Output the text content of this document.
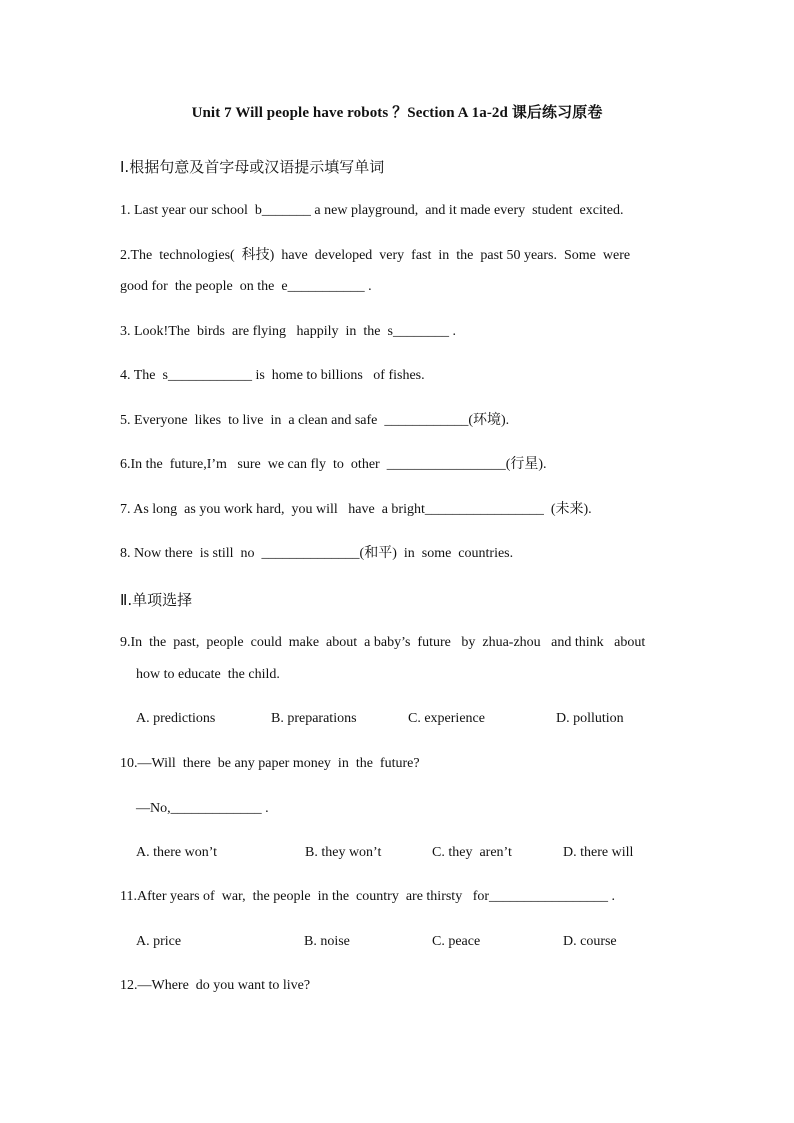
Unit 7 Will people have robots ？Section A 1a-2d 课后练习原卷
Ⅰ.根据句意及首字母或汉语提示填写单词
1. Last year our school  b_______ a new playground,  and it made every  student  excited.
2.The  technologies(  科技)  have  developed  very  fast  in  the  past 50 years.  Some  were
good for  the people  on the  e___________ .
3. Look!The  birds  are flying   happily  in  the  s________ .
4. The  s____________ is  home to billions   of fishes.
5. Everyone  likes  to live  in  a clean and safe  ____________(环境).
6.In the  future,I’m   sure  we can fly  to  other  _________________(行星).
7. As long  as you work hard,  you will   have  a bright_________________  (未来).
8. Now there  is still  no  ______________(和平)  in  some  countries.
Ⅱ.单项选择
9.In  the  past,  people  could  make  about  a baby’s  future   by  zhua-zhou   and think   about
how to educate  the child.
A. predictions	B. preparations	C. experience	D. pollution
10.—Will  there  be any paper money  in  the  future?
—No,_____________ .
A. there won’t	B. they won’t	C. they  aren’t	D. there will
11.After years of  war,  the people  in the  country  are thirsty   for_________________ .
A. price	B. noise	C. peace	D. course
12.—Where  do you want to live?
